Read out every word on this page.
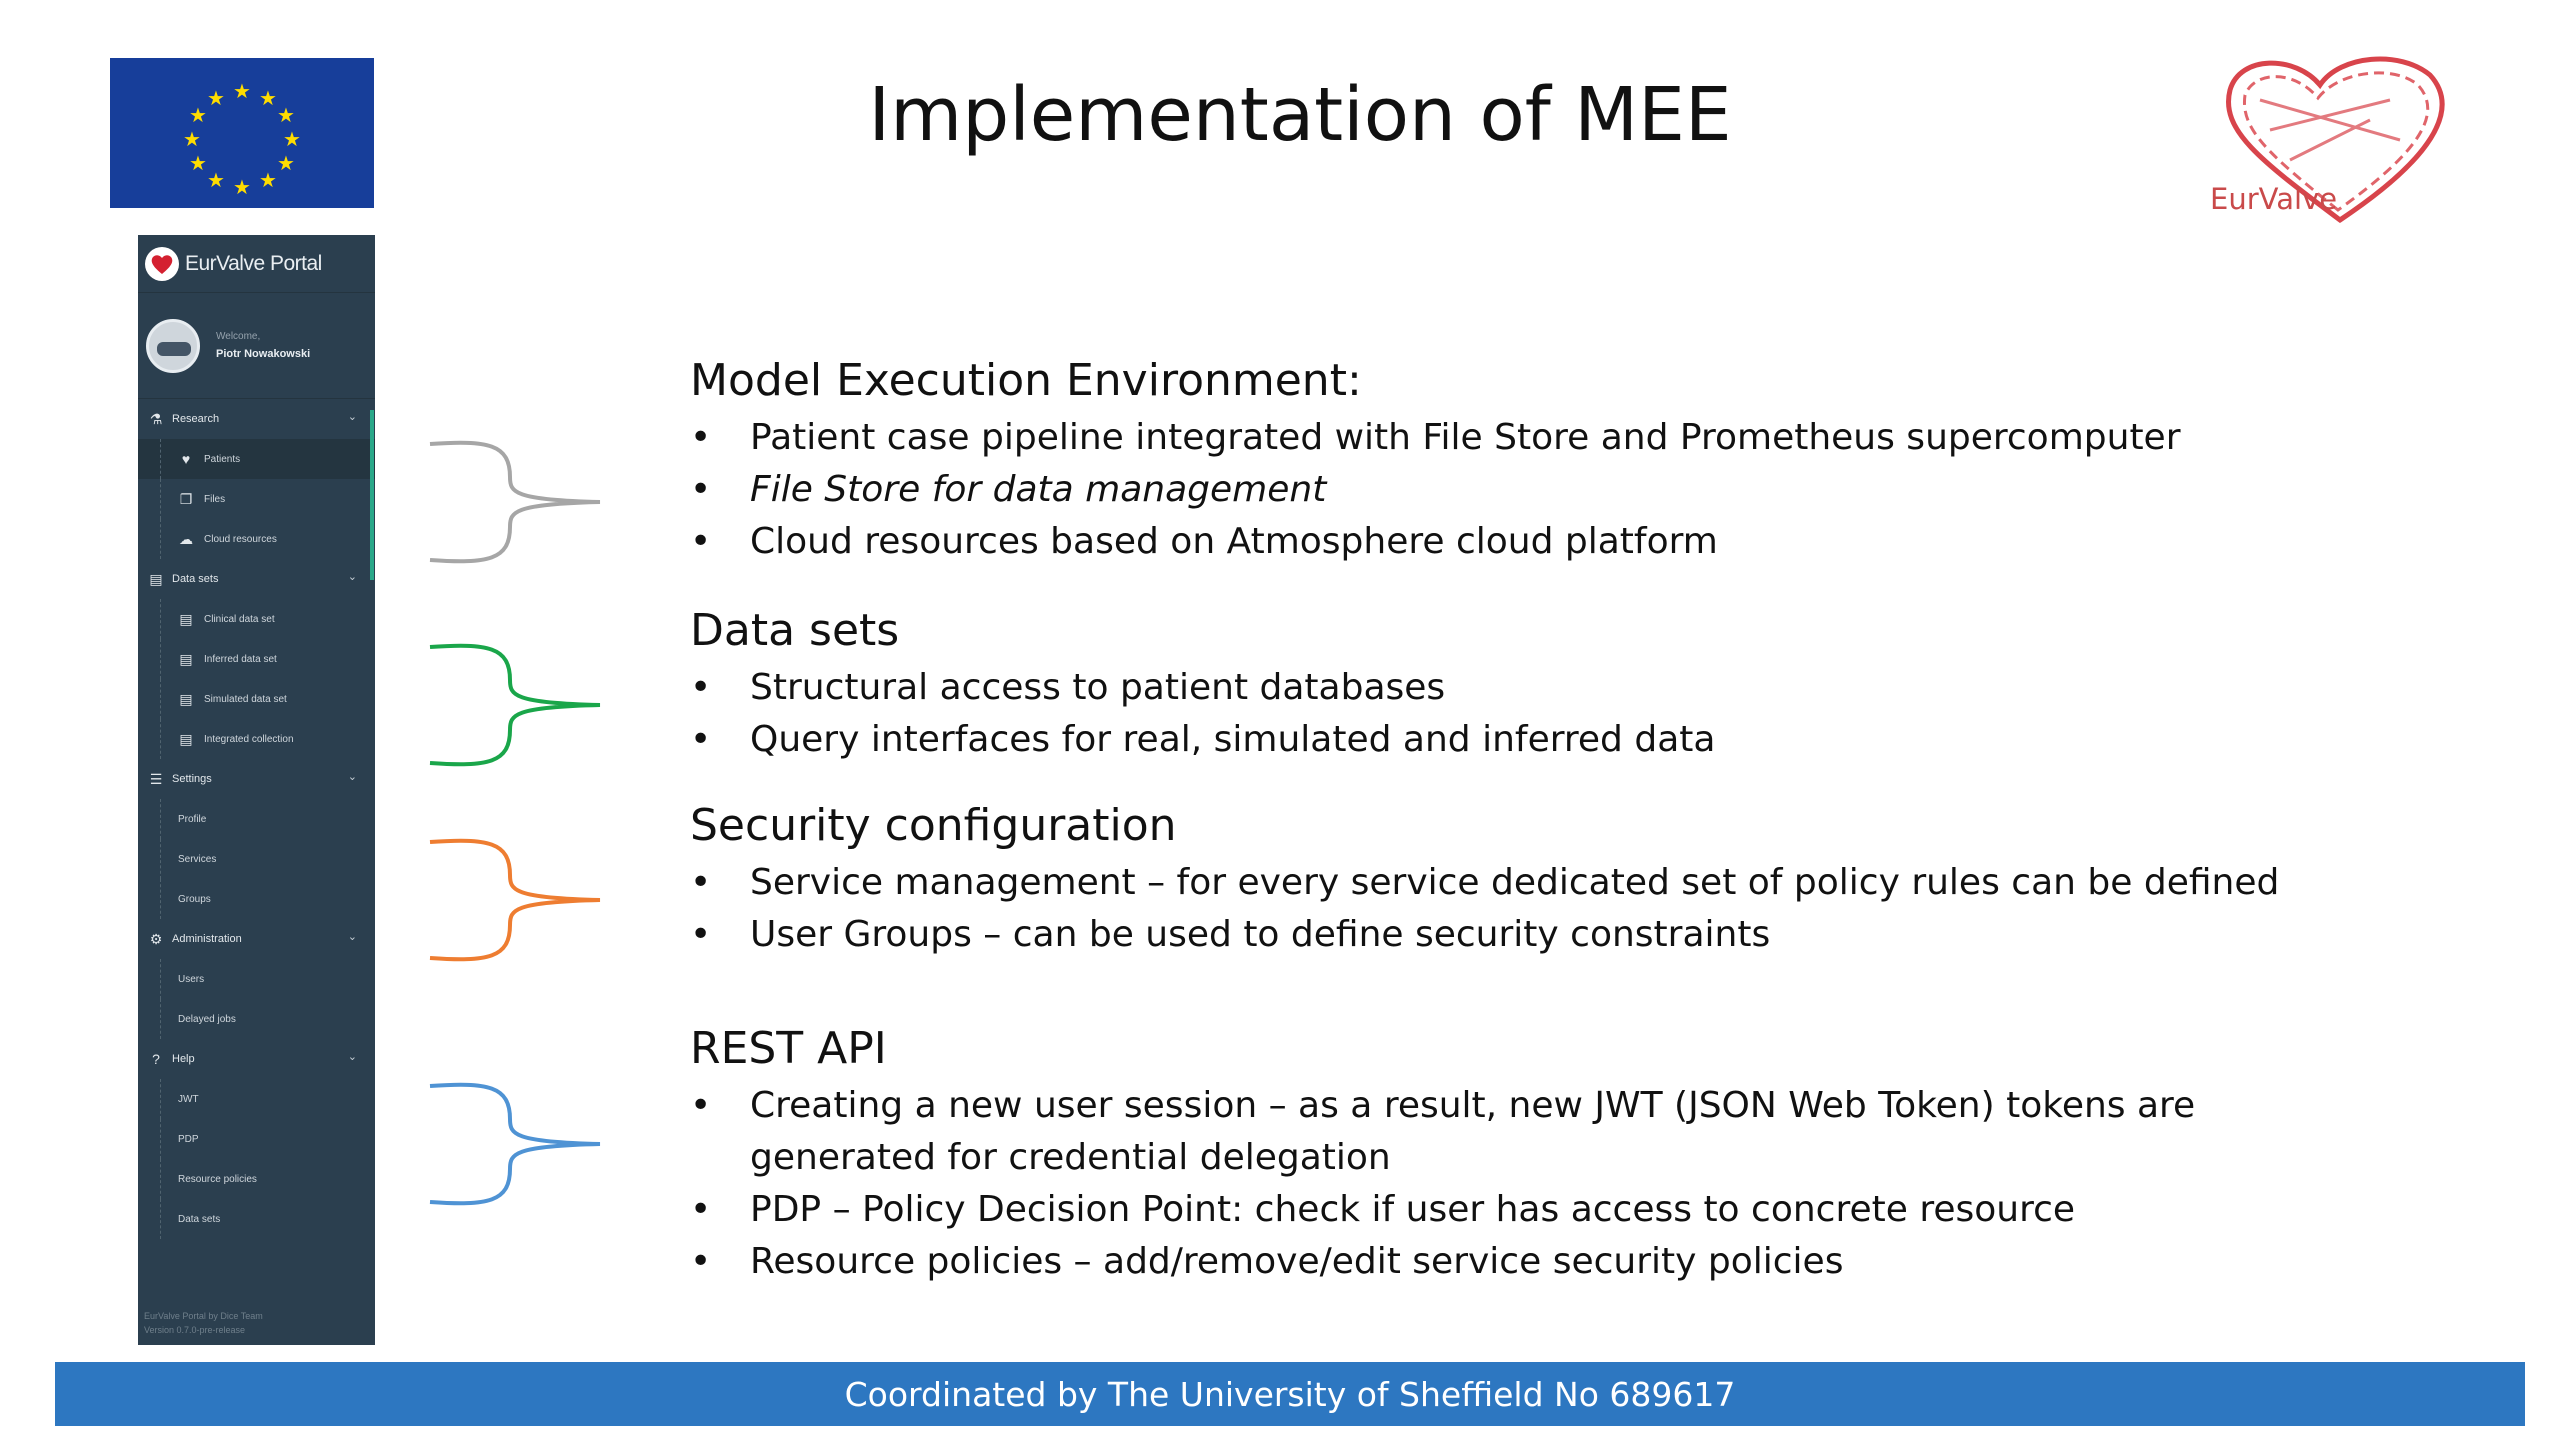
Implementation of MEE
★ ★
★
★
★
★
★
★
★
★
★
★
EurValve
EurValve Portal
Welcome,
Piotr Nowakowski
⚗ Research	⌄
♥	Patients
❐ Files
☁ Cloud resources
▤ Data sets	⌄
▤ Clinical data set
▤ Inferred data set
▤ Simulated data set
▤ Integrated collection
☰ Settings	⌄
Profile
Services
Groups
⚙ Administration	⌄
Users
Delayed jobs
?	Help	⌄
JWT
PDP
Resource policies
Data sets
EurValve Portal by Dice Team
Version 0.7.0-pre-release
Model Execution Environment:
• Patient case pipeline integrated with File Store and Prometheus supercomputer
• File Store for data management
• Cloud resources based on Atmosphere cloud platform
Data sets
• Structural access to patient databases
• Query interfaces for real, simulated and inferred data
Security configuration
• Service management – for every service dedicated set of policy rules can be defined
• User Groups – can be used to define security constraints
REST API
• Creating a new user session – as a result, new JWT (JSON Web Token) tokens are
generated for credential delegation
• PDP – Policy Decision Point: check if user has access to concrete resource
• Resource policies – add/remove/edit service security policies
Coordinated by The University of Sheffield No 689617
